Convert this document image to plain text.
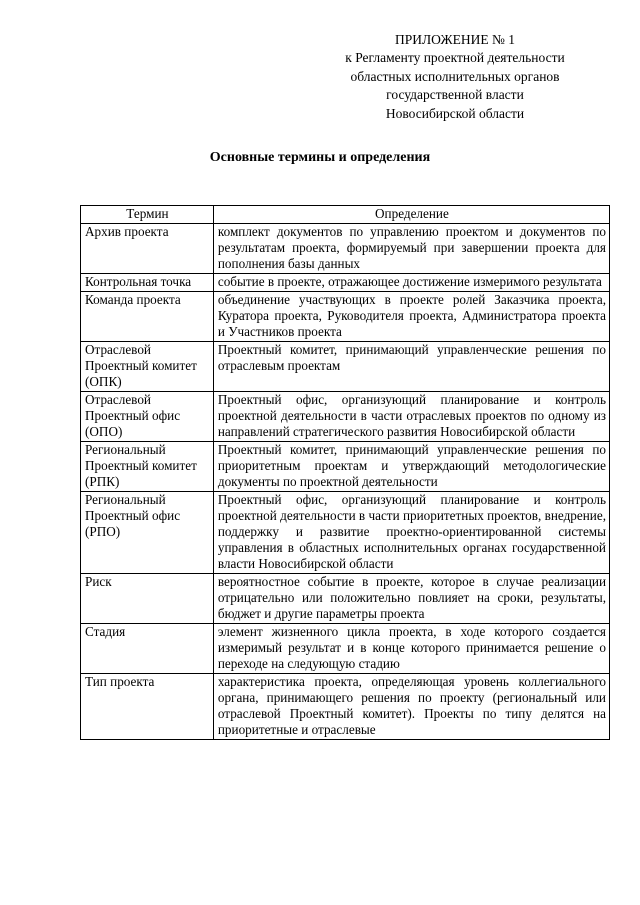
ПРИЛОЖЕНИЕ № 1
к Регламенту проектной деятельности
областных исполнительных органов
государственной власти
Новосибирской области
Основные термины и определения
Термин	Определение
Архив проекта	комплект документов по управлению проектом и документов по результатам проекта, формируемый при завершении проекта для пополнения базы данных
Контрольная точка	событие в проекте, отражающее достижение измеримого результата
Команда проекта	объединение участвующих в проекте ролей Заказчика проекта, Куратора проекта, Руководителя проекта, Администратора проекта и Участников проекта
Отраслевой Проектный комитет (ОПК)	Проектный комитет, принимающий управленческие решения по отраслевым проектам
Отраслевой Проектный офис (ОПО)	Проектный офис, организующий планирование и контроль проектной деятельности в части отраслевых проектов по одному из направлений стратегического развития Новосибирской области
Региональный Проектный комитет (РПК)	Проектный комитет, принимающий управленческие решения по приоритетным проектам и утверждающий методологические документы по проектной деятельности
Региональный Проектный офис (РПО)	Проектный офис, организующий планирование и контроль проектной деятельности в части приоритетных проектов, внедрение, поддержку и развитие проектно-ориентированной системы управления в областных исполнительных органах государственной власти Новосибирской области
Риск	вероятностное событие в проекте, которое в случае реализации отрицательно или положительно повлияет на сроки, результаты, бюджет и другие параметры проекта
Стадия	элемент жизненного цикла проекта, в ходе которого создается измеримый результат и в конце которого принимается решение о переходе на следующую стадию
Тип проекта	характеристика проекта, определяющая уровень коллегиального органа, принимающего решения по проекту (региональный или отраслевой Проектный комитет). Проекты по типу делятся на приоритетные и отраслевые
